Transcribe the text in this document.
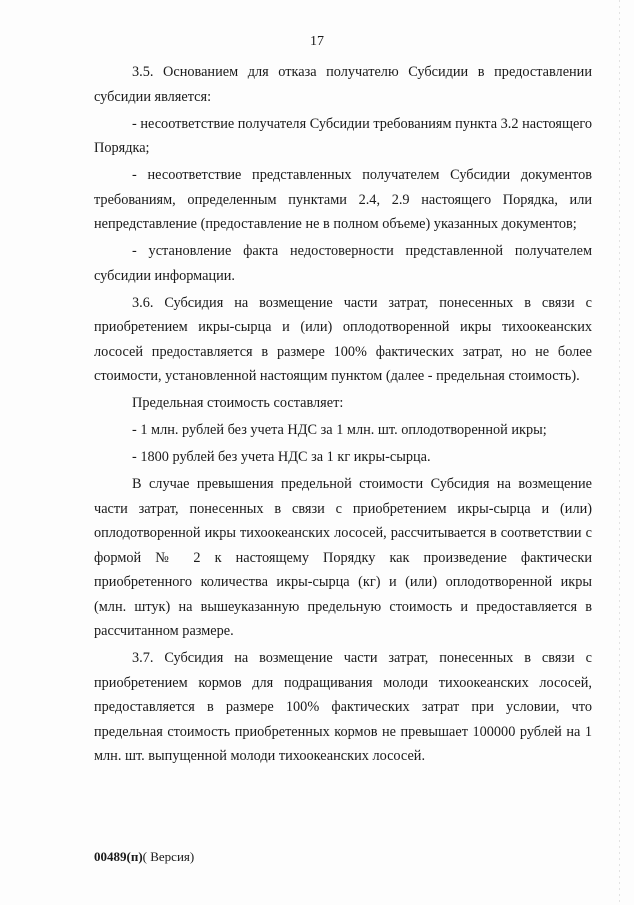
17

3.5. Основанием для отказа получателю Субсидии в предоставлении субсидии является:

- несоответствие получателя Субсидии требованиям пункта 3.2 настоящего Порядка;

- несоответствие представленных получателем Субсидии документов требованиям, определенным пунктами 2.4, 2.9 настоящего Порядка, или непредставление (предоставление не в полном объеме) указанных документов;

- установление факта недостоверности представленной получателем субсидии информации.

3.6. Субсидия на возмещение части затрат, понесенных в связи с приобретением икры-сырца и (или) оплодотворенной икры тихоокеанских лососей предоставляется в размере 100% фактических затрат, но не более стоимости, установленной настоящим пунктом (далее - предельная стоимость).

Предельная стоимость составляет:

- 1 млн. рублей без учета НДС за 1 млн. шт. оплодотворенной икры;

- 1800 рублей без учета НДС за 1 кг икры-сырца.

В случае превышения предельной стоимости Субсидия на возмещение части затрат, понесенных в связи с приобретением икры-сырца и (или) оплодотворенной икры тихоокеанских лососей, рассчитывается в соответствии с формой № 2 к настоящему Порядку как произведение фактически приобретенного количества икры-сырца (кг) и (или) оплодотворенной икры (млн. штук) на вышеуказанную предельную стоимость и предоставляется в рассчитанном размере.

3.7. Субсидия на возмещение части затрат, понесенных в связи с приобретением кормов для подращивания молоди тихоокеанских лососей, предоставляется в размере 100% фактических затрат при условии, что предельная стоимость приобретенных кормов не превышает 100000 рублей на 1 млн. шт. выпущенной молоди тихоокеанских лососей.

00489(п)( Версия)
